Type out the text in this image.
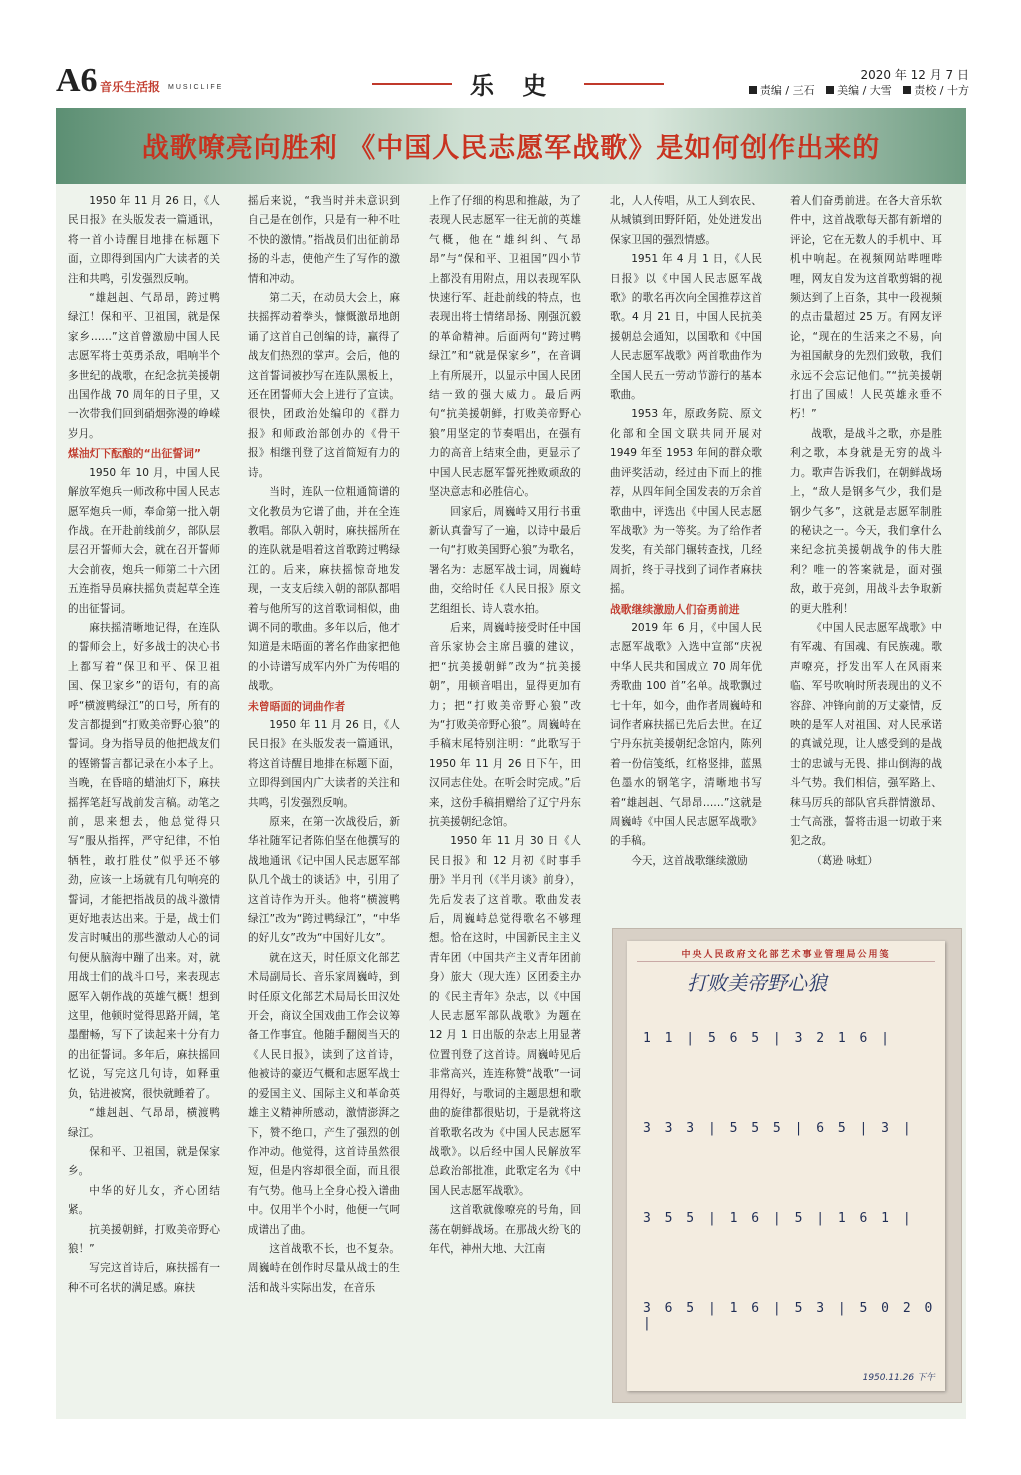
A6 音乐生活报 MUSICLIFE	乐 史	2020 年 12 月 7 日
责编 / 三石 美编 / 大雪 责校 / 十方
战歌嘹亮向胜利 《中国人民志愿军战歌》是如何创作出来的

1950 年 11 月 26 日，《人民日报》在头版发表一篇通讯，将一首小诗醒目地排在标题下面，立即得到国内广大读者的关注和共鸣，引发强烈反响。

“雄赳赳、气昂昂，跨过鸭绿江！保和平、卫祖国，就是保家乡……”这首曾激励中国人民志愿军将士英勇杀敌，唱响半个多世纪的战歌，在纪念抗美援朝出国作战 70 周年的日子里，又一次带我们回到硝烟弥漫的峥嵘岁月。

煤油灯下酝酿的“出征誓词”

1950 年 10 月，中国人民解放军炮兵一师改称中国人民志愿军炮兵一师，奉命第一批入朝作战。在开赴前线前夕，部队层层召开誓师大会，就在召开誓师大会前夜，炮兵一师第二十六团五连指导员麻扶摇负责起草全连的出征誓词。

麻扶摇清晰地记得，在连队的誓师会上，好多战士的决心书上都写着“保卫和平、保卫祖国、保卫家乡”的语句，有的高呼“横渡鸭绿江”的口号，所有的发言都提到“打败美帝野心狼”的誓词。身为指导员的他把战友们的铿锵誓言都记录在小本子上。当晚，在昏暗的蜡油灯下，麻扶摇挥笔赶写战前发言稿。动笔之前，思来想去，他总觉得只写“服从指挥，严守纪律，不怕牺牲，敢打胜仗”似乎还不够劲，应该一上场就有几句响亮的誓词，才能把指战员的战斗激情更好地表达出来。于是，战士们发言时喊出的那些激动人心的词句便从脑海中蹦了出来。对，就用战士们的战斗口号，来表现志愿军入朝作战的英雄气概！想到这里，他顿时觉得思路开阔，笔墨酣畅，写下了读起来十分有力的出征誓词。多年后，麻扶摇回忆说，写完这几句诗，如释重负，钻进被窝，很快就睡着了。

“雄赳赳、气昂昂，横渡鸭绿江。

保和平、卫祖国，就是保家乡。

中华的好儿女，齐心团结紧。

抗美援朝鲜，打败美帝野心狼！”

写完这首诗后，麻扶摇有一种不可名状的满足感。麻扶

摇后来说，“我当时并未意识到自己是在创作，只是有一种不吐不快的激情。”指战员们出征前昂扬的斗志，使他产生了写作的激情和冲动。

第二天，在动员大会上，麻扶摇挥动着拳头，慷慨激昂地朗诵了这首自己创编的诗，赢得了战友们热烈的掌声。会后，他的这首誓词被抄写在连队黑板上，还在团誓师大会上进行了宣读。很快，团政治处编印的《群力报》和师政治部创办的《骨干报》相继刊登了这首简短有力的诗。

当时，连队一位粗通简谱的文化教员为它谱了曲，并在全连教唱。部队入朝时，麻扶摇所在的连队就是唱着这首歌跨过鸭绿江的。后来，麻扶摇惊奇地发现，一支支后续入朝的部队都唱着与他所写的这首歌词相似，曲调不同的歌曲。多年以后，他才知道是未晤面的著名作曲家把他的小诗谱写成军内外广为传唱的战歌。

未曾晤面的词曲作者

1950 年 11 月 26 日，《人民日报》在头版发表一篇通讯，将这首诗醒目地排在标题下面，立即得到国内广大读者的关注和共鸣，引发强烈反响。

原来，在第一次战役后，新华社随军记者陈伯坚在他撰写的战地通讯《记中国人民志愿军部队几个战士的谈话》中，引用了这首诗作为开头。他将“横渡鸭绿江”改为“跨过鸭绿江”，“中华的好儿女”改为“中国好儿女”。

就在这天，时任原文化部艺术局副局长、音乐家周巍峙，到时任原文化部艺术局局长田汉处开会，商议全国戏曲工作会议筹备工作事宜。他随手翻阅当天的《人民日报》，读到了这首诗，他被诗的豪迈气概和志愿军战士的爱国主义、国际主义和革命英雄主义精神所感动，激情澎湃之下，赞不绝口，产生了强烈的创作冲动。他觉得，这首诗虽然很短，但是内容却很全面，而且很有气势。他马上全身心投入谱曲中。仅用半个小时，他便一气呵成谱出了曲。

这首战歌不长，也不复杂。周巍峙在创作时尽量从战士的生活和战斗实际出发，在音乐

上作了仔细的构思和推敲，为了表现人民志愿军一往无前的英雄气概，他在“雄纠纠、气昂昂”与“保和平、卫祖国”四小节上都没有用附点，用以表现军队快速行军、赶赴前线的特点，也表现出将士情绪昂扬、刚强沉毅的革命精神。后面两句“跨过鸭绿江”和“就是保家乡”，在音调上有所展开，以显示中国人民团结一致的强大威力。最后两句“抗美援朝鲜，打败美帝野心狼”用坚定的节奏唱出，在强有力的高音上结束全曲，更显示了中国人民志愿军誓死挫败顽敌的坚决意志和必胜信心。

回家后，周巍峙又用行书重新认真誊写了一遍，以诗中最后一句“打败美国野心狼”为歌名，署名为：志愿军战士词，周巍峙曲，交给时任《人民日报》原文艺组组长、诗人袁水拍。

后来，周巍峙接受时任中国音乐家协会主席吕骥的建议，把“抗美援朝鲜”改为“抗美援朝”，用顿音唱出，显得更加有力；把“打败美帝野心狼”改为“打败美帝野心狼”。周巍峙在手稿末尾特别注明：“此歌写于 1950 年 11 月 26 日下午，田汉同志住处。在听会时完成。”后来，这份手稿捐赠给了辽宁丹东抗美援朝纪念馆。

1950 年 11 月 30 日《人民日报》和 12 月初《时事手册》半月刊（《半月谈》前身），先后发表了这首歌。歌曲发表后，周巍峙总觉得歌名不够理想。恰在这时，中国新民主主义青年团（中国共产主义青年团前身）旅大（现大连）区团委主办的《民主青年》杂志，以《中国人民志愿军部队战歌》为题在 12 月 1 日出版的杂志上用显著位置刊登了这首诗。周巍峙见后非常高兴，连连称赞“战歌”一词用得好，与歌词的主题思想和歌曲的旋律都很贴切，于是就将这首歌歌名改为《中国人民志愿军战歌》。以后经中国人民解放军总政治部批准，此歌定名为《中国人民志愿军战歌》。

这首歌就像嘹亮的号角，回荡在朝鲜战场。在那战火纷飞的年代，神州大地、大江南

北，人人传唱，从工人到农民、从城镇到田野阡陌，处处迸发出保家卫国的强烈情感。

1951 年 4 月 1 日，《人民日报》以《中国人民志愿军战歌》的歌名再次向全国推荐这首歌。4 月 21 日，中国人民抗美援朝总会通知，以国歌和《中国人民志愿军战歌》两首歌曲作为全国人民五一劳动节游行的基本歌曲。

1953 年，原政务院、原文化部和全国文联共同开展对 1949 年至 1953 年间的群众歌曲评奖活动，经过由下而上的推荐，从四年间全国发表的万余首歌曲中，评选出《中国人民志愿军战歌》为一等奖。为了给作者发奖，有关部门辗转查找，几经周折，终于寻找到了词作者麻扶摇。

战歌继续激励人们奋勇前进

2019 年 6 月，《中国人民志愿军战歌》入选中宣部“庆祝中华人民共和国成立 70 周年优秀歌曲 100 首”名单。战歌飘过七十年，如今，曲作者周巍峙和词作者麻扶摇已先后去世。在辽宁丹东抗美援朝纪念馆内，陈列着一份信笺纸，红格竖排，蓝黑色墨水的钢笔字，清晰地书写着“雄赳赳、气昂昂……”这就是周巍峙《中国人民志愿军战歌》的手稿。

今天，这首战歌继续激励

着人们奋勇前进。在各大音乐软件中，这首战歌每天都有新增的评论，它在无数人的手机中、耳机中响起。在视频网站哔哩哔哩，网友自发为这首歌剪辑的视频达到了上百条，其中一段视频的点击量超过 25 万。有网友评论，“现在的生活来之不易，向为祖国献身的先烈们致敬，我们永远不会忘记他们。”“抗美援朝打出了国威！人民英雄永垂不朽！”

战歌，是战斗之歌，亦是胜利之歌，本身就是无穷的战斗力。歌声告诉我们，在朝鲜战场上，“敌人是钢多气少，我们是钢少气多”，这就是志愿军制胜的秘诀之一。今天，我们拿什么来纪念抗美援朝战争的伟大胜利？唯一的答案就是，面对强敌，敢于亮剑，用战斗去争取新的更大胜利！

《中国人民志愿军战歌》中有军魂、有国魂、有民族魂。歌声嘹亮，抒发出军人在风雨来临、军号吹响时所表现出的义不容辞、冲锋向前的万丈豪情，反映的是军人对祖国、对人民承诺的真诚兑现，让人感受到的是战士的忠诚与无畏、排山倒海的战斗气势。我们相信，强军路上、秣马厉兵的部队官兵群情激昂、士气高涨，誓将击退一切敢于来犯之敌。

（葛逊 咏虹）

中央人民政府文化部艺术事业管理局公用笺
打败美帝野心狼
1 1 | 5 6 5 | 3 2 1 6 |
3 3 3 | 5 5 5 | 6 5 | 3 |
3 5 5 | 1 6 | 5 | 1 6 1 |
3 6 5 | 1 6 | 5 3 | 5 0 2 0 |
1950.11.26 下午
